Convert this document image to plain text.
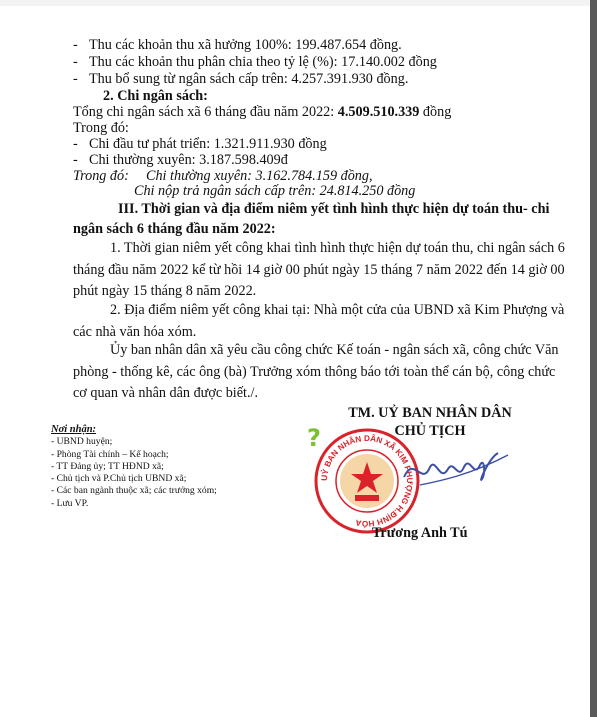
- Thu các khoản thu xã hưởng 100%: 199.487.654 đồng.
- Thu các khoản thu phân chia theo tỷ lệ (%): 17.140.002 đồng
- Thu bổ sung từ ngân sách cấp trên: 4.257.391.930 đồng.
2. Chi ngân sách:
Tổng chi ngân sách xã 6 tháng đầu năm 2022: 4.509.510.339 đồng
Trong đó:
- Chi đầu tư phát triển: 1.321.911.930 đồng
- Chi thường xuyên: 3.187.598.409đ
Trong đó: Chi thường xuyên: 3.162.784.159 đồng,
Chi nộp trả ngân sách cấp trên: 24.814.250 đồng
III. Thời gian và địa điểm niêm yết tình hình thực hiện dự toán thu- chi
ngân sách 6 tháng đầu năm 2022:
1. Thời gian niêm yết công khai tình hình thực hiện dự toán thu, chi ngân sách 6 tháng đầu năm 2022 kể từ hồi 14 giờ 00 phút ngày 15 tháng 7 năm 2022 đến 14 giờ 00 phút ngày 15 tháng 8 năm 2022.
2. Địa điểm niêm yết công khai tại: Nhà một cửa của UBND xã Kim Phượng và các nhà văn hóa xóm.
Ủy ban nhân dân xã yêu cầu công chức Kế toán - ngân sách xã, công chức Văn phòng - thống kê, các ông (bà) Trưởng xóm thông báo tới toàn thể cán bộ, công chức cơ quan và nhân dân được biết./.
Nơi nhận:
- UBND huyện;
- Phòng Tài chính – Kế hoạch;
- TT Đảng ủy; TT HĐND xã;
- Chủ tịch và P.Chủ tịch UBND xã;
- Các ban ngành thuộc xã; các trưởng xóm;
- Lưu VP.
TM. UỶ BAN NHÂN DÂN
CHỦ TỊCH
?
UỶ BAN NHÂN DÂN XÃ KIM PHƯỢNG H.ĐỊNH HÓA
Trương Anh Tú
